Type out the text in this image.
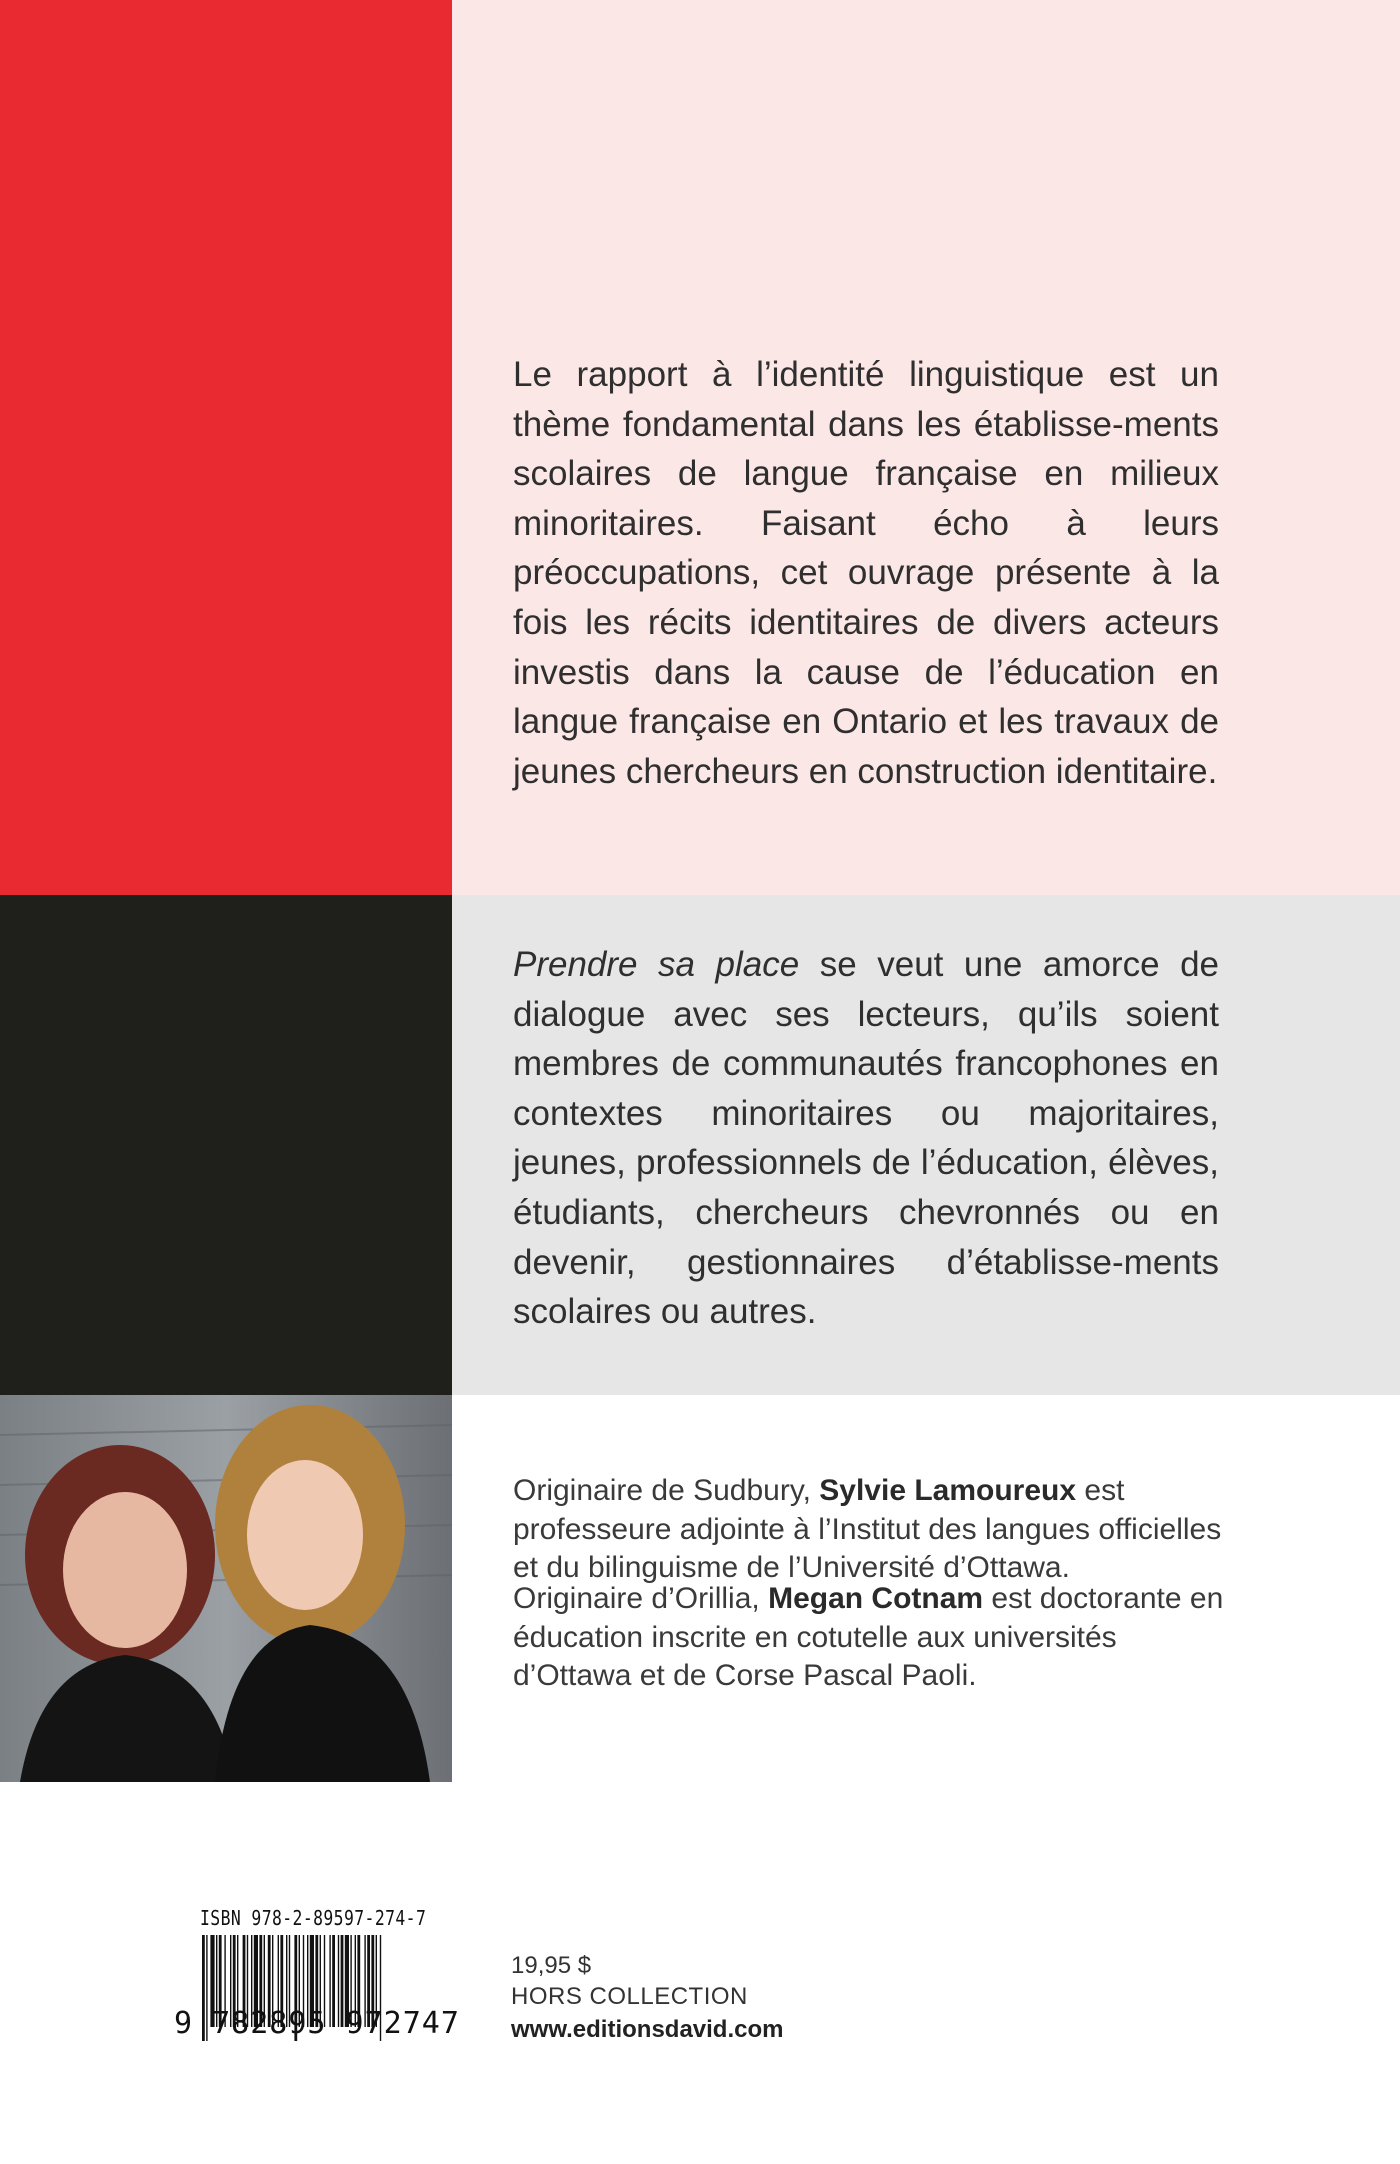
Le rapport à l’identité linguistique est un thème fondamental dans les établisse-ments scolaires de langue française en milieux minoritaires. Faisant écho à leurs préoccupations, cet ouvrage présente à la fois les récits identitaires de divers acteurs investis dans la cause de l’éducation en langue française en Ontario et les travaux de jeunes chercheurs en construction identitaire.

Prendre sa place se veut une amorce de dialogue avec ses lecteurs, qu’ils soient membres de communautés francophones en contextes minoritaires ou majoritaires, jeunes, professionnels de l’éducation, élèves, étudiants, chercheurs chevronnés ou en devenir, gestionnaires d’établisse-ments scolaires ou autres.

Originaire de Sudbury, Sylvie Lamoureux est professeure adjointe à l’Institut des langues officielles et du bilinguisme de l’Université d’Ottawa.

Originaire d’Orillia, Megan Cotnam est doctorante en éducation inscrite en cotutelle aux universités d’Ottawa et de Corse Pascal Paoli.

ISBN 978-2-89597-274-7
9 782895 972747

19,95 $

HORS COLLECTION

www.editionsdavid.com
